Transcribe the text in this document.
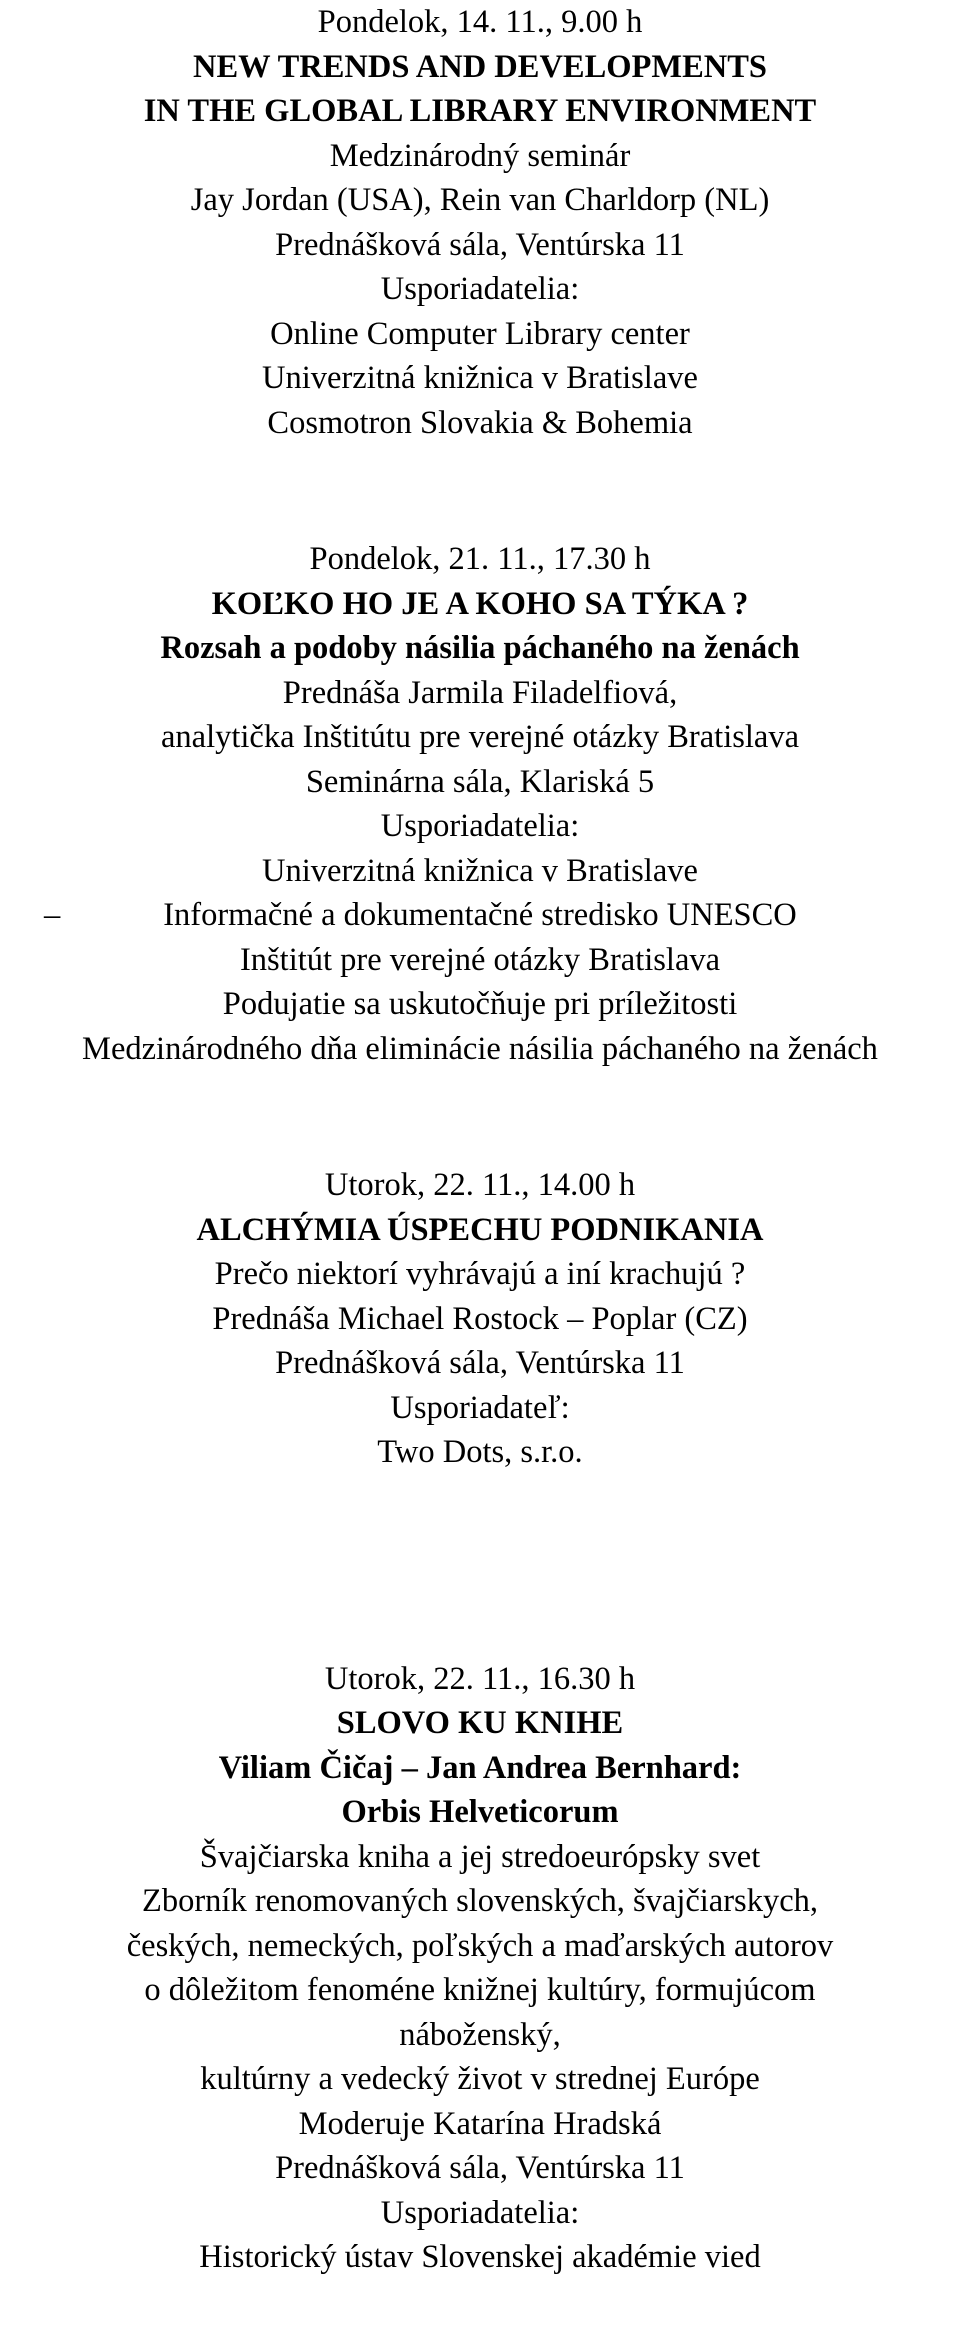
Pondelok, 14. 11., 9.00 h
NEW TRENDS AND DEVELOPMENTS
IN THE GLOBAL LIBRARY ENVIRONMENT
Medzinárodný seminár
Jay Jordan (USA), Rein van Charldorp (NL)
Prednášková sála, Ventúrska 11
Usporiadatelia:
Online Computer Library center
Univerzitná knižnica v Bratislave
Cosmotron Slovakia & Bohemia
Pondelok, 21. 11., 17.30 h
KOĽKO HO JE A KOHO SA TÝKA ?
Rozsah a podoby násilia páchaného na ženách
Prednáša Jarmila Filadelfiová,
analytička Inštitútu pre verejné otázky Bratislava
Seminárna sála, Klariská 5
Usporiadatelia:
Univerzitná knižnica v Bratislave
–	Informačné a dokumentačné stredisko UNESCO
Inštitút pre verejné otázky Bratislava
Podujatie sa uskutočňuje pri príležitosti
Medzinárodného dňa eliminácie násilia páchaného na ženách
Utorok, 22. 11., 14.00 h
ALCHÝMIA ÚSPECHU PODNIKANIA
Prečo niektorí vyhrávajú a iní krachujú ?
Prednáša Michael Rostock – Poplar (CZ)
Prednášková sála, Ventúrska 11
Usporiadateľ:
Two Dots, s.r.o.
Utorok, 22. 11., 16.30 h
SLOVO KU KNIHE
Viliam Čičaj – Jan Andrea Bernhard:
Orbis Helveticorum
Švajčiarska kniha a jej stredoeurópsky svet
Zborník renomovaných slovenských, švajčiarskych,
českých, nemeckých, poľských a maďarských autorov
o dôležitom fenoméne knižnej kultúry, formujúcom
náboženský,
kultúrny a vedecký život v strednej Európe
Moderuje Katarína Hradská
Prednášková sála, Ventúrska 11
Usporiadatelia:
Historický ústav Slovenskej akadémie vied
